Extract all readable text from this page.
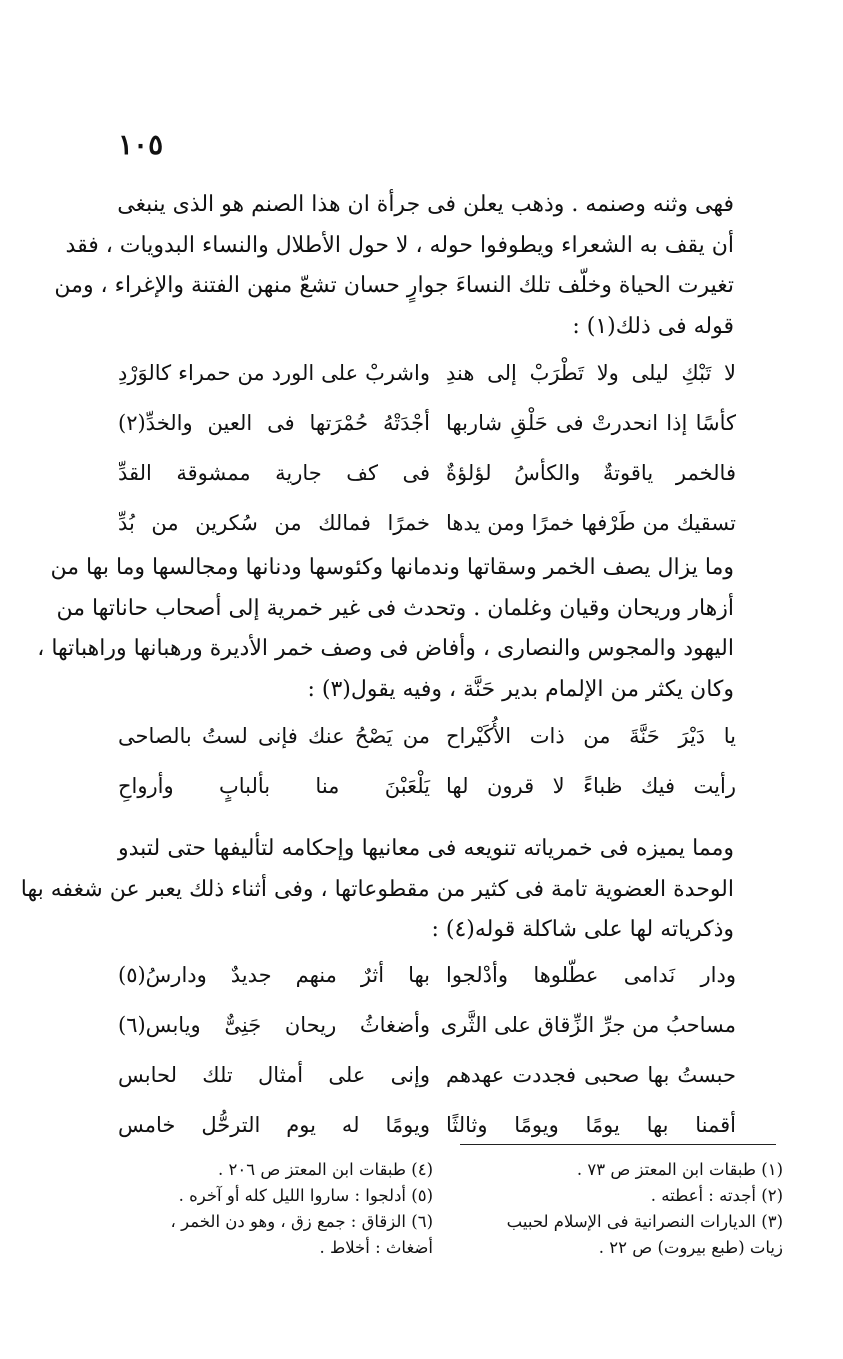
١٠٥
فهى وثنه وصنمه . وذهب يعلن فى جرأة ان هذا الصنم هو الذى ينبغى
أن يقف به الشعراء ويطوفوا حوله ، لا حول الأطلال والنساء البدويات ، فقد
تغيرت الحياة وخلّف تلك النساءَ جوارٍ حسان تشعّ منهن الفتنة والإغراء ، ومن
قوله فى ذلك(١) :
لا تَبْكِ ليلى ولا تَطْرَبْ إلى هندِ
واشربْ على الورد من حمراء كالوَرْدِ
كأسًا إذا انحدرتْ فى حَلْقِ شاربها
أجْدَتْهُ حُمْرَتها فى العين والخدِّ(٢)
فالخمر ياقوتةٌ والكأسُ لؤلؤةٌ
فى كف جارية ممشوقة القدِّ
تسقيك من طَرْفها خمرًا ومن يدها
خمرًا فمالك من سُكرين من بُدِّ
وما يزال يصف الخمر وسقاتها وندمانها وكئوسها ودنانها ومجالسها وما بها من
أزهار وريحان وقيان وغلمان . وتحدث فى غير خمرية إلى أصحاب حاناتها من
اليهود والمجوس والنصارى ، وأفاض فى وصف خمر الأديرة ورهبانها وراهباتها ،
وكان يكثر من الإلمام بدير حَنَّة ، وفيه يقول(٣) :
يا دَيْرَ حَنَّةَ من ذات الأُكَيْراح
من يَصْحُ عنك فإنى لستُ بالصاحى
رأيت فيك ظباءً لا قرون لها
يَلْعَبْنَ منا بألبابٍ وأرواحِ
ومما يميزه فى خمرياته تنويعه فى معانيها وإحكامه لتأليفها حتى لتبدو
الوحدة العضوية تامة فى كثير من مقطوعاتها ، وفى أثناء ذلك يعبر عن شغفه بها
وذكرياته لها على شاكلة قوله(٤) :
ودار نَدامى عطّلوها وأدْلجوا
بها أثرٌ منهم جديدٌ ودارسُ(٥)
مساحبُ من جرِّ الزِّقاق على الثَّرى
وأضغاثُ ريحان جَنِىٌّ ويابس(٦)
حبستُ بها صحبى فجددت عهدهم
وإنى على أمثال تلك لحابس
أقمنا بها يومًا ويومًا وثالثًا
ويومًا له يوم الترحُّل خامس
(١) طبقات ابن المعتز ص ٧٣ .
(٢) أجدته : أعطته .
(٣) الديارات النصرانية فى الإسلام لحبيب
زيات (طبع بيروت) ص ٢٢ .
(٤) طبقات ابن المعتز ص ٢٠٦ .
(٥) أدلجوا : ساروا الليل كله أو آخره .
(٦) الزقاق : جمع زق ، وهو دن الخمر ،
أضغاث : أخلاط .
